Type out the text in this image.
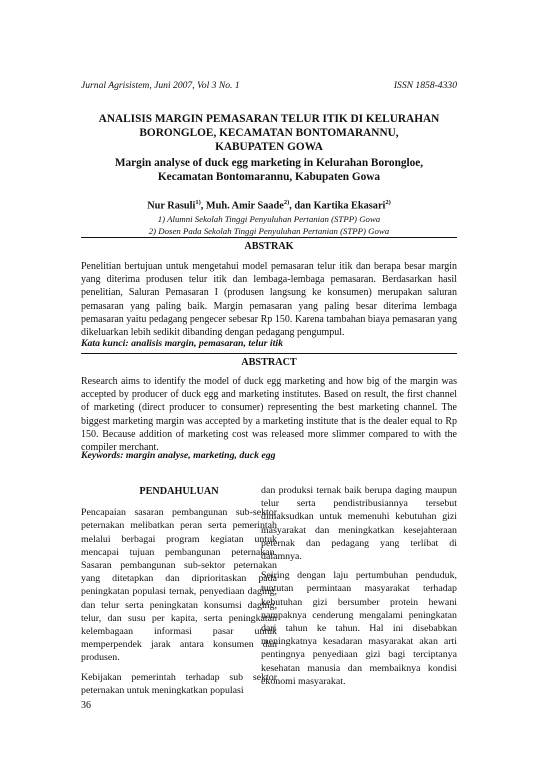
Jurnal Agrisistem, Juni 2007, Vol 3 No. 1	ISSN 1858-4330
ANALISIS MARGIN PEMASARAN TELUR ITIK DI KELURAHAN
BORONGLOE, KECAMATAN BONTOMARANNU,
KABUPATEN GOWA
Margin analyse of duck egg marketing in Kelurahan Borongloe,
Kecamatan Bontomarannu, Kabupaten Gowa
Nur Rasuli$^{1)}$, Muh. Amir Saade$^{2)}$, dan Kartika Ekasari$^{2)}$
1) Alumni Sekolah Tinggi Penyuluhan Pertanian (STPP) Gowa
2) Dosen Pada Sekolah Tinggi Penyuluhan Pertanian (STPP) Gowa
ABSTRAK
Penelitian bertujuan untuk mengetahui model pemasaran telur itik dan berapa besar margin yang diterima produsen telur itik dan lembaga-lembaga pemasaran. Berdasarkan hasil penelitian, Saluran Pemasaran I (produsen langsung ke konsumen) merupakan saluran pemasaran yang paling baik. Margin pemasaran yang paling besar diterima lembaga pemasaran yaitu pedagang pengecer sebesar Rp 150. Karena tambahan biaya pemasaran yang dikeluarkan lebih sedikit dibanding dengan pedagang pengumpul.
Kata kunci: analisis margin, pemasaran, telur itik
ABSTRACT
Research aims to identify the model of duck egg marketing and how big of the margin was accepted by producer of duck egg and marketing institutes. Based on result, the first channel of marketing (direct producer to consumer) representing the best marketing channel. The biggest marketing margin was accepted by a marketing institute that is the dealer equal to Rp 150. Because addition of marketing cost was released more slimmer compared to with the compiler merchant.
Keywords: margin analyse, marketing, duck egg
PENDAHULUAN

Pencapaian sasaran pembangunan sub-sektor peternakan melibatkan peran serta pemerintah melalui berbagai program kegiatan untuk mencapai tujuan pembangunan peternakan. Sasaran pembangunan sub-sektor peternakan yang ditetapkan dan diprioritaskan pada peningkatan populasi ternak, penyediaan daging, dan telur serta peningkatan konsumsi daging, telur, dan susu per kapita, serta peningkatan kelembagaan informasi pasar untuk memperpendek jarak antara konsumen dan produsen.

Kebijakan pemerintah terhadap sub sektor peternakan untuk meningkatkan populasi

dan produksi ternak baik berupa daging maupun telur serta pendistribusiannya tersebut dimaksudkan untuk memenuhi kebutuhan gizi masyarakat dan meningkatkan kesejahteraan peternak dan pedagang yang terlibat di dalamnya.

Seiring dengan laju pertumbuhan penduduk, tuntutan permintaan masyarakat terhadap kebutuhan gizi bersumber protein hewani nampaknya cenderung mengalami peningkatan dari tahun ke tahun. Hal ini disebabkan meningkatnya kesadaran masyarakat akan arti pentingnya penyediaan gizi bagi terciptanya kesehatan manusia dan membaiknya kondisi ekonomi masyarakat.

36
